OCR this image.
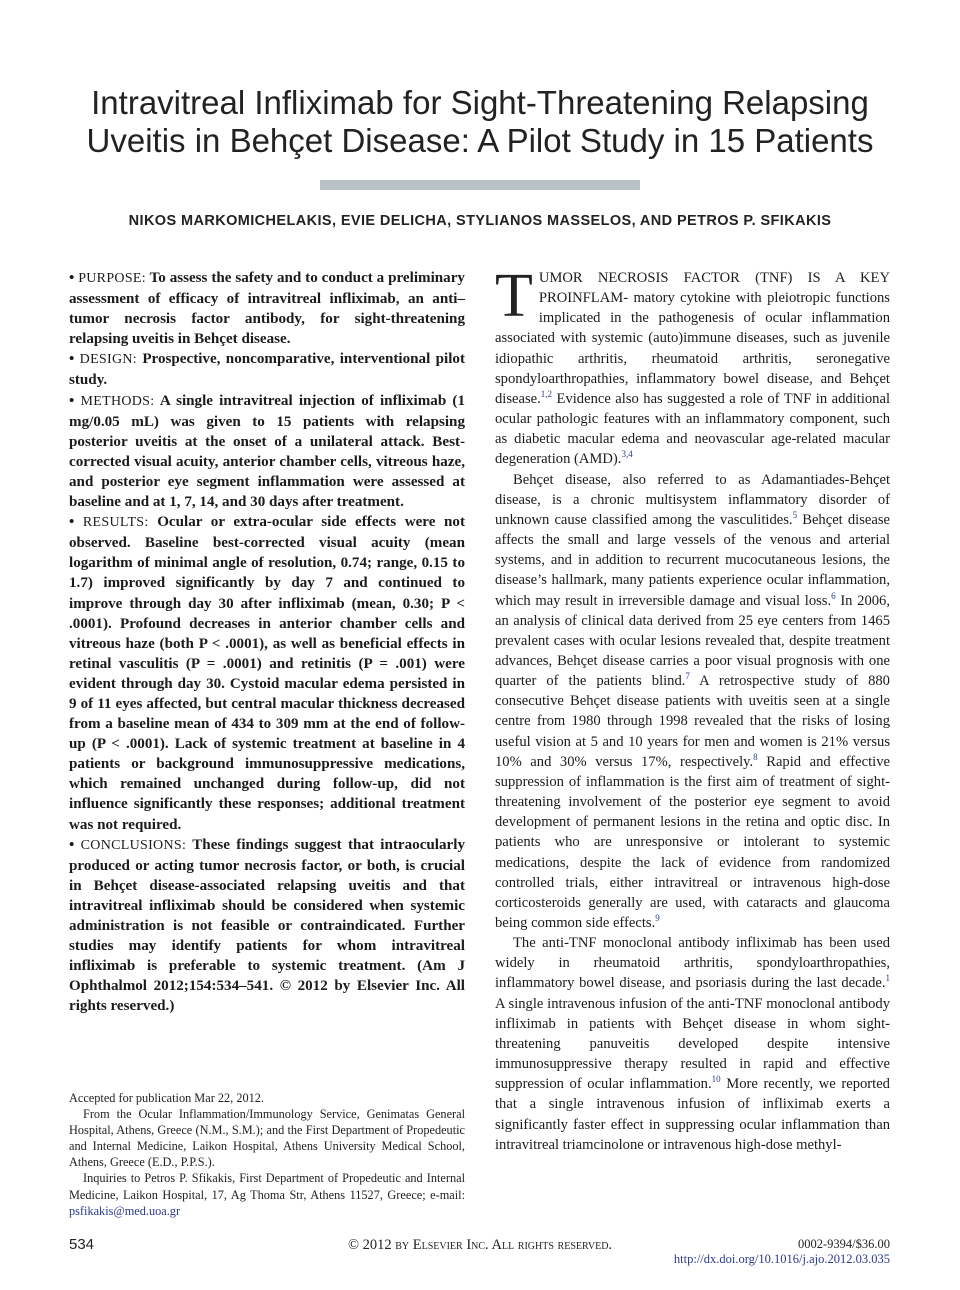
Intravitreal Infliximab for Sight-Threatening Relapsing
Uveitis in Behçet Disease: A Pilot Study in 15 Patients
NIKOS MARKOMICHELAKIS, EVIE DELICHA, STYLIANOS MASSELOS, AND PETROS P. SFIKAKIS

• PURPOSE: To assess the safety and to conduct a preliminary assessment of efficacy of intravitreal infliximab, an anti–tumor necrosis factor antibody, for sight-threatening relapsing uveitis in Behçet disease.

• DESIGN: Prospective, noncomparative, interventional pilot study.

• METHODS: A single intravitreal injection of infliximab (1 mg/0.05 mL) was given to 15 patients with relapsing posterior uveitis at the onset of a unilateral attack. Best-corrected visual acuity, anterior chamber cells, vitreous haze, and posterior eye segment inflammation were assessed at baseline and at 1, 7, 14, and 30 days after treatment.

• RESULTS: Ocular or extra-ocular side effects were not observed. Baseline best-corrected visual acuity (mean logarithm of minimal angle of resolution, 0.74; range, 0.15 to 1.7) improved significantly by day 7 and continued to improve through day 30 after infliximab (mean, 0.30; P < .0001). Profound decreases in anterior chamber cells and vitreous haze (both P < .0001), as well as beneficial effects in retinal vasculitis (P = .0001) and retinitis (P = .001) were evident through day 30. Cystoid macular edema persisted in 9 of 11 eyes affected, but central macular thickness decreased from a baseline mean of 434 to 309 mm at the end of follow-up (P < .0001). Lack of systemic treatment at baseline in 4 patients or background immunosuppressive medications, which remained unchanged during follow-up, did not influence significantly these responses; additional treatment was not required.

• CONCLUSIONS: These findings suggest that intraocularly produced or acting tumor necrosis factor, or both, is crucial in Behçet disease-associated relapsing uveitis and that intravitreal infliximab should be considered when systemic administration is not feasible or contraindicated. Further studies may identify patients for whom intravitreal infliximab is preferable to systemic treatment. (Am J Ophthalmol 2012;154:534–541. © 2012 by Elsevier Inc. All rights reserved.)

Accepted for publication Mar 22, 2012.

From the Ocular Inflammation/Immunology Service, Genimatas General Hospital, Athens, Greece (N.M., S.M.); and the First Department of Propedeutic and Internal Medicine, Laikon Hospital, Athens University Medical School, Athens, Greece (E.D., P.P.S.).

Inquiries to Petros P. Sfikakis, First Department of Propedeutic and Internal Medicine, Laikon Hospital, 17, Ag Thoma Str, Athens 11527, Greece; e-mail: psfikakis@med.uoa.gr

TUMOR NECROSIS FACTOR (TNF) IS A KEY PROINFLAM- matory cytokine with pleiotropic functions implicated in the pathogenesis of ocular inflammation associated with systemic (auto)immune diseases, such as juvenile idiopathic arthritis, rheumatoid arthritis, seronegative spondyloarthropathies, inflammatory bowel disease, and Behçet disease.$^{1,2}$ Evidence also has suggested a role of TNF in additional ocular pathologic features with an inflammatory component, such as diabetic macular edema and neovascular age-related macular degeneration (AMD).$^{3,4}$

Behçet disease, also referred to as Adamantiades-Behçet disease, is a chronic multisystem inflammatory disorder of unknown cause classified among the vasculitides.$^5$ Behçet disease affects the small and large vessels of the venous and arterial systems, and in addition to recurrent mucocutaneous lesions, the disease’s hallmark, many patients experience ocular inflammation, which may result in irreversible damage and visual loss.$^6$ In 2006, an analysis of clinical data derived from 25 eye centers from 1465 prevalent cases with ocular lesions revealed that, despite treatment advances, Behçet disease carries a poor visual prognosis with one quarter of the patients blind.$^7$ A retrospective study of 880 consecutive Behçet disease patients with uveitis seen at a single centre from 1980 through 1998 revealed that the risks of losing useful vision at 5 and 10 years for men and women is 21% versus 10% and 30% versus 17%, respectively.$^8$ Rapid and effective suppression of inflammation is the first aim of treatment of sight-threatening involvement of the posterior eye segment to avoid development of permanent lesions in the retina and optic disc. In patients who are unresponsive or intolerant to systemic medications, despite the lack of evidence from randomized controlled trials, either intravitreal or intravenous high-dose corticosteroids generally are used, with cataracts and glaucoma being common side effects.$^9$

The anti-TNF monoclonal antibody infliximab has been used widely in rheumatoid arthritis, spondyloarthropathies, inflammatory bowel disease, and psoriasis during the last decade.$^1$ A single intravenous infusion of the anti-TNF monoclonal antibody infliximab in patients with Behçet disease in whom sight-threatening panuveitis developed despite intensive immunosuppressive therapy resulted in rapid and effective suppression of ocular inflammation.$^{10}$ More recently, we reported that a single intravenous infusion of infliximab exerts a significantly faster effect in suppressing ocular inflammation than intravitreal triamcinolone or intravenous high-dose methyl-

534	© 2012 by Elsevier Inc. All rights reserved.	0002-9394/$36.00
http://dx.doi.org/10.1016/j.ajo.2012.03.035
